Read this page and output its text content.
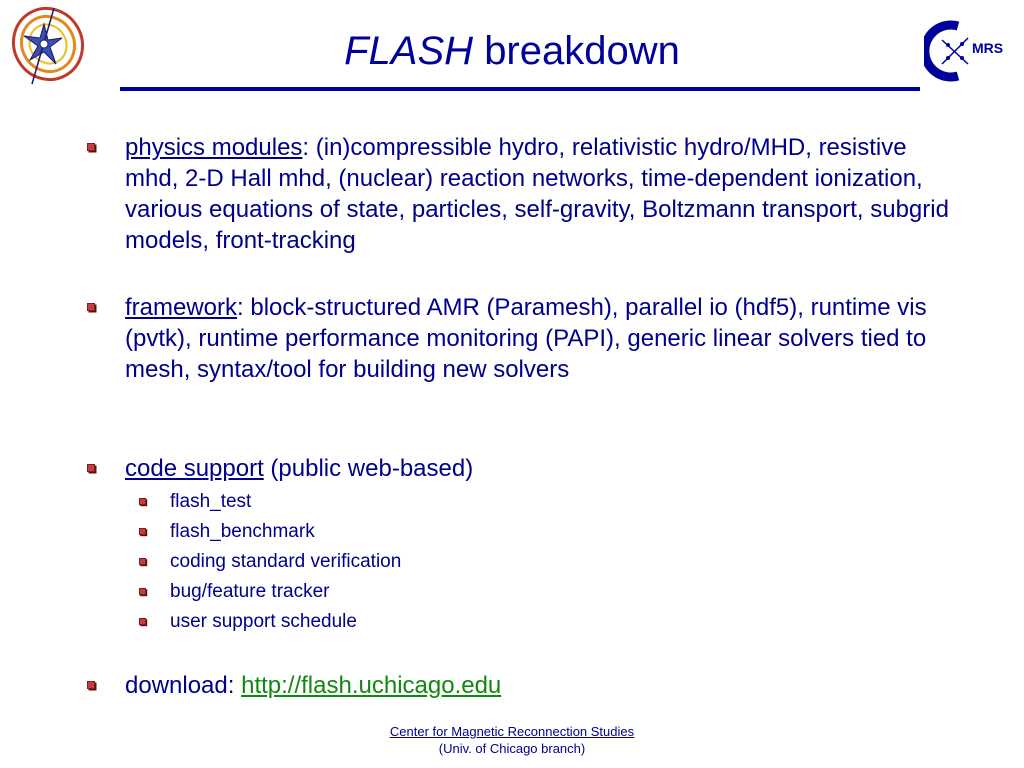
MRS
FLASH breakdown
physics modules: (in)compressible hydro, relativistic hydro/MHD, resistive mhd, 2-D Hall mhd, (nuclear) reaction networks, time-dependent ionization, various equations of state, particles, self-gravity, Boltzmann transport, subgrid models, front-tracking
framework: block-structured AMR (Paramesh), parallel io (hdf5), runtime vis (pvtk), runtime performance monitoring (PAPI), generic linear solvers tied to mesh, syntax/tool for building new solvers
code support (public web-based)
flash_test
flash_benchmark
coding standard verification
bug/feature tracker
user support schedule
download: http://flash.uchicago.edu
Center for Magnetic Reconnection Studies
(Univ. of Chicago branch)
